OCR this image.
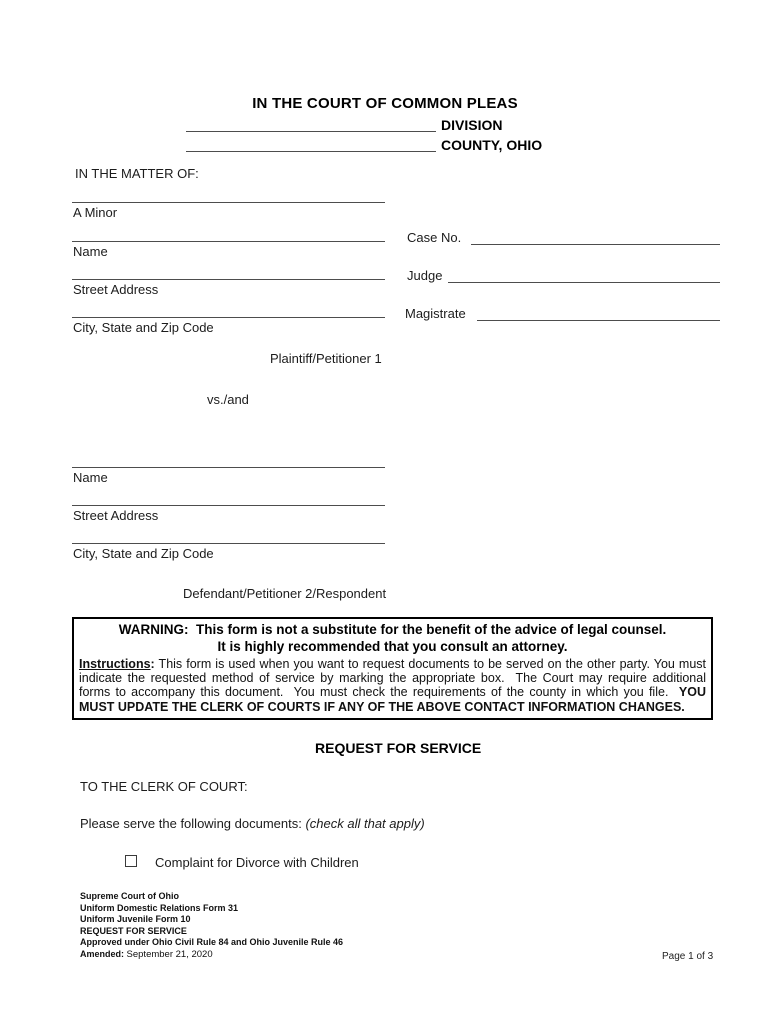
IN THE COURT OF COMMON PLEAS
DIVISION
COUNTY, OHIO
IN THE MATTER OF:
A Minor
Name
Street Address
City, State and Zip Code
Plaintiff/Petitioner 1
Case No.
Judge
Magistrate
vs./and
Name
Street Address
City, State and Zip Code
Defendant/Petitioner 2/Respondent
WARNING:  This form is not a substitute for the benefit of the advice of legal counsel.
It is highly recommended that you consult an attorney.
Instructions: This form is used when you want to request documents to be served on the other party. You must indicate the requested method of service by marking the appropriate box.  The Court may require additional forms to accompany this document.  You must check the requirements of the county in which you file.  YOU MUST UPDATE THE CLERK OF COURTS IF ANY OF THE ABOVE CONTACT INFORMATION CHANGES.
REQUEST FOR SERVICE
TO THE CLERK OF COURT:
Please serve the following documents: (check all that apply)
Complaint for Divorce with Children
Supreme Court of Ohio
Uniform Domestic Relations Form 31
Uniform Juvenile Form 10
REQUEST FOR SERVICE
Approved under Ohio Civil Rule 84 and Ohio Juvenile Rule 46
Amended: September 21, 2020	Page 1 of 3
